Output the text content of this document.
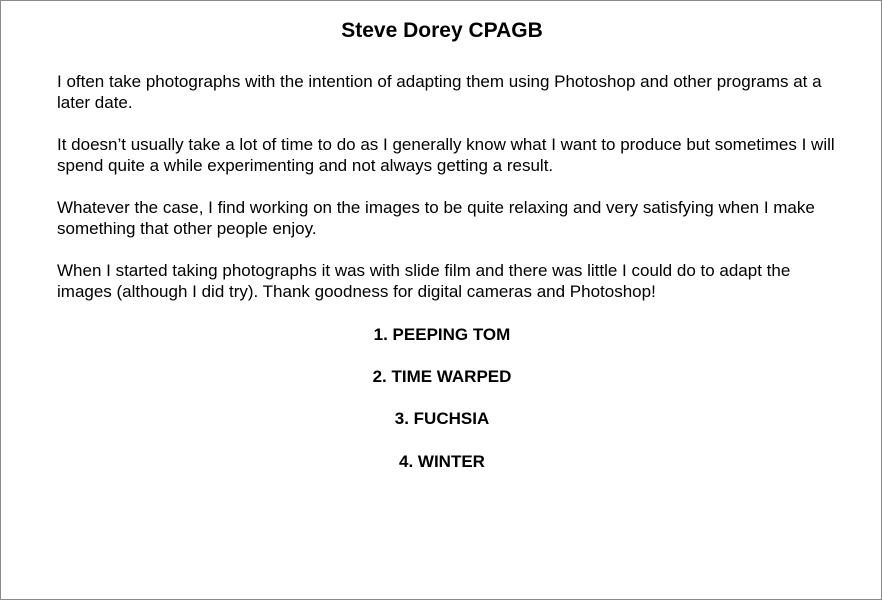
Steve Dorey CPAGB

I often take photographs with the intention of adapting them using Photoshop and other programs at a later date.

It doesn’t usually take a lot of time to do as I generally know what I want to produce but sometimes I will spend quite a while experimenting and not always getting a result.

Whatever the case, I find working on the images to be quite relaxing and very satisfying when I make something that other people enjoy.

When I started taking photographs it was with slide film and there was little I could do to adapt the images (although I did try). Thank goodness for digital cameras and Photoshop!

1. PEEPING TOM
2. TIME WARPED
3. FUCHSIA
4. WINTER
